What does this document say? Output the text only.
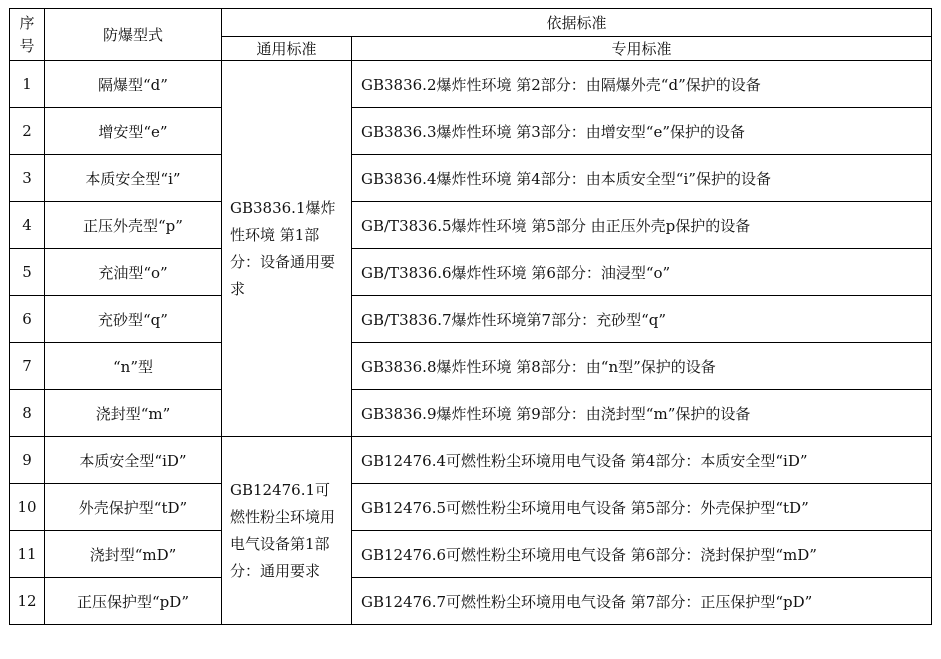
序号	防爆型式	依据标准	
		通用标准	专用标准
1	隔爆型“d”	GB3836.1爆炸性环境 第1部分：设备通用要求	GB3836.2爆炸性环境 第2部分：由隔爆外壳“d”保护的设备
2	增安型“e”		GB3836.3爆炸性环境 第3部分：由增安型“e”保护的设备
3	本质安全型“i”		GB3836.4爆炸性环境 第4部分：由本质安全型“i”保护的设备
4	正压外壳型“p”		GB/T3836.5爆炸性环境 第5部分 由正压外壳p保护的设备
5	充油型“o”		GB/T3836.6爆炸性环境 第6部分：油浸型“o”
6	充砂型“q”		GB/T3836.7爆炸性环境第7部分：充砂型“q”
7	“n”型		GB3836.8爆炸性环境 第8部分：由“n型”保护的设备
8	浇封型“m”		GB3836.9爆炸性环境 第9部分：由浇封型“m”保护的设备
9	本质安全型“iD”	GB12476.1可燃性粉尘环境用电气设备第1部分：通用要求	GB12476.4可燃性粉尘环境用电气设备 第4部分：本质安全型“iD”
10	外壳保护型“tD”		GB12476.5可燃性粉尘环境用电气设备 第5部分：外壳保护型“tD”
11	浇封型“mD”		GB12476.6可燃性粉尘环境用电气设备 第6部分：浇封保护型“mD”
12	正压保护型“pD”		GB12476.7可燃性粉尘环境用电气设备 第7部分：正压保护型“pD”
